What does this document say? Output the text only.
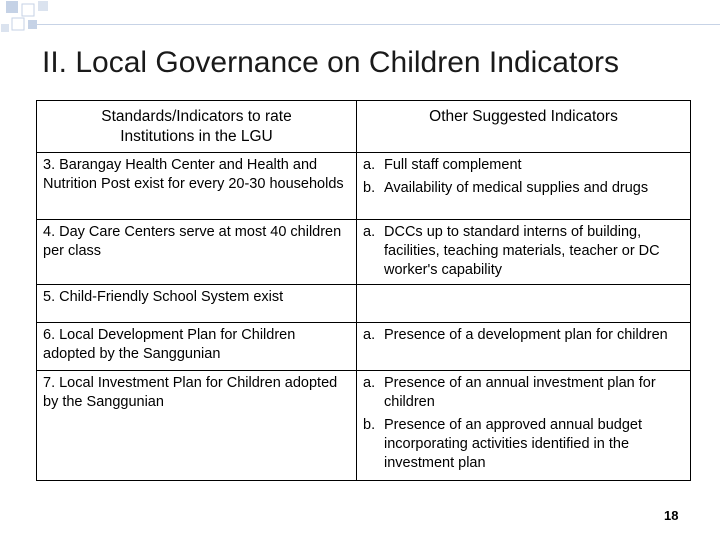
II. Local Governance on Children Indicators
Standards/Indicators to rate Institutions in the LGU	Other Suggested Indicators

3. Barangay Health Center and Health and Nutrition Post exist for every 20-30 households	a. Full staff complement
b. Availability of medical supplies and drugs

4. Day Care Centers serve at most 40 children per class	a. DCCs up to standard interns of building, facilities, teaching materials, teacher or DC worker's capability

5. Child-Friendly School System exist	

6. Local Development Plan for Children adopted by the Sanggunian	a. Presence of a development plan for children

7. Local Investment Plan for Children adopted by the Sanggunian	a. Presence of an annual investment plan for children
b. Presence of an approved annual budget incorporating activities identified in the investment plan
18
